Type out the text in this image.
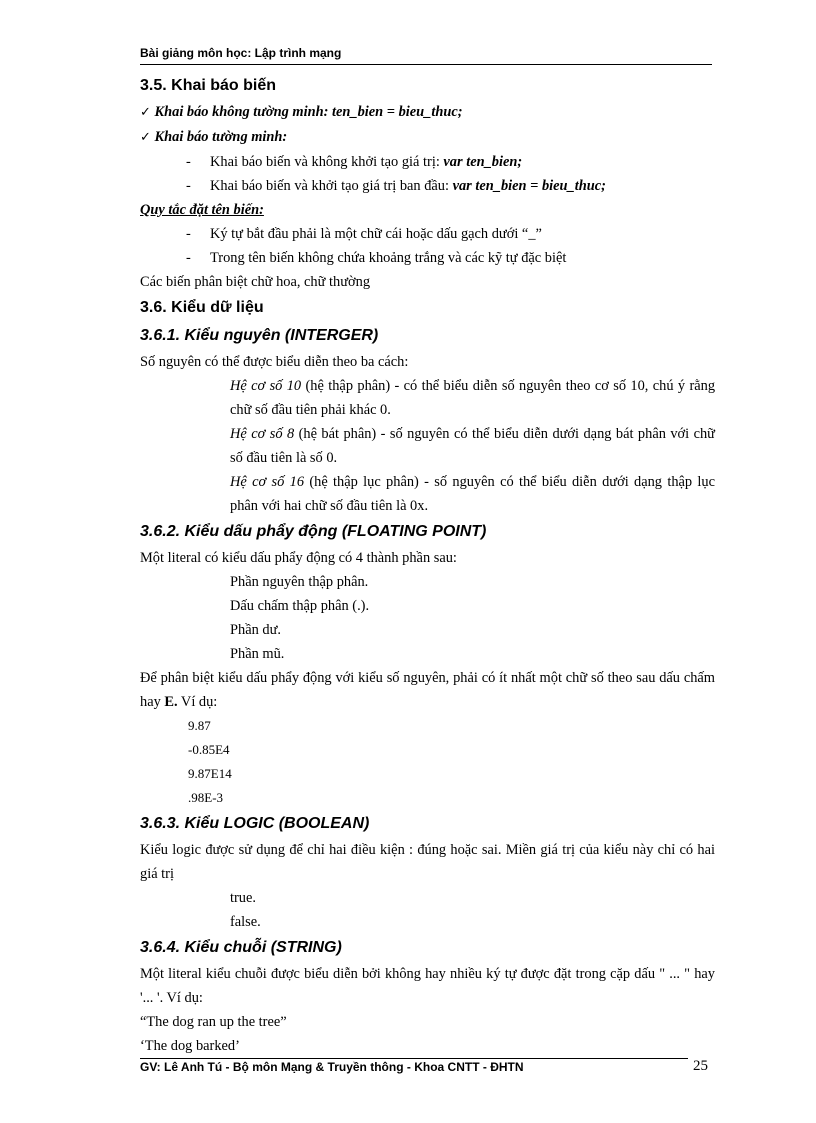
Bài giảng môn học: Lập trình mạng
3.5. Khai báo biến
✓ Khai báo không tường minh: ten_bien = bieu_thuc;
✓ Khai báo tường minh:
- Khai báo biến và không khởi tạo giá trị: var ten_bien;
- Khai báo biến và khởi tạo giá trị ban đầu: var ten_bien = bieu_thuc;
Quy tắc đặt tên biến:
- Ký tự bắt đầu phải là một chữ cái hoặc dấu gạch dưới “_”
- Trong tên biến không chứa khoảng trắng và các kỹ tự đặc biệt
Các biến phân biệt chữ hoa, chữ thường
3.6. Kiểu dữ liệu
3.6.1. Kiểu nguyên (INTERGER)
Số nguyên có thể được biểu diễn theo ba cách:
Hệ cơ số 10 (hệ thập phân) - có thể biểu diễn số nguyên theo cơ số 10, chú ý rằng chữ số đầu tiên phải khác 0.
Hệ cơ số 8 (hệ bát phân) - số nguyên có thể biểu diễn dưới dạng bát phân với chữ số đầu tiên là số 0.
Hệ cơ số 16 (hệ thập lục phân) - số nguyên có thể biểu diễn dưới dạng thập lục phân với hai chữ số đầu tiên là 0x.
3.6.2. Kiểu dấu phẩy động (FLOATING POINT)
Một literal có kiểu dấu phẩy động có 4 thành phần sau:
Phần nguyên thập phân.
Dấu chấm thập phân (.).
Phần dư.
Phần mũ.
Để phân biệt kiểu dấu phẩy động với kiểu số nguyên, phải có ít nhất một chữ số theo sau dấu chấm hay E. Ví dụ:
9.87
-0.85E4
9.87E14
.98E-3
3.6.3. Kiểu LOGIC (BOOLEAN)
Kiểu logic được sử dụng để chỉ hai điều kiện : đúng hoặc sai. Miền giá trị của kiểu này chỉ có hai giá trị
true.
false.
3.6.4. Kiểu chuỗi (STRING)
Một literal kiểu chuỗi được biểu diễn bởi không hay nhiều ký tự được đặt trong cặp dấu " ... " hay '... '. Ví dụ:
“The dog ran up the tree”
‘The dog barked’
GV: Lê Anh Tú - Bộ môn Mạng & Truyền thông - Khoa CNTT - ĐHTN	25
